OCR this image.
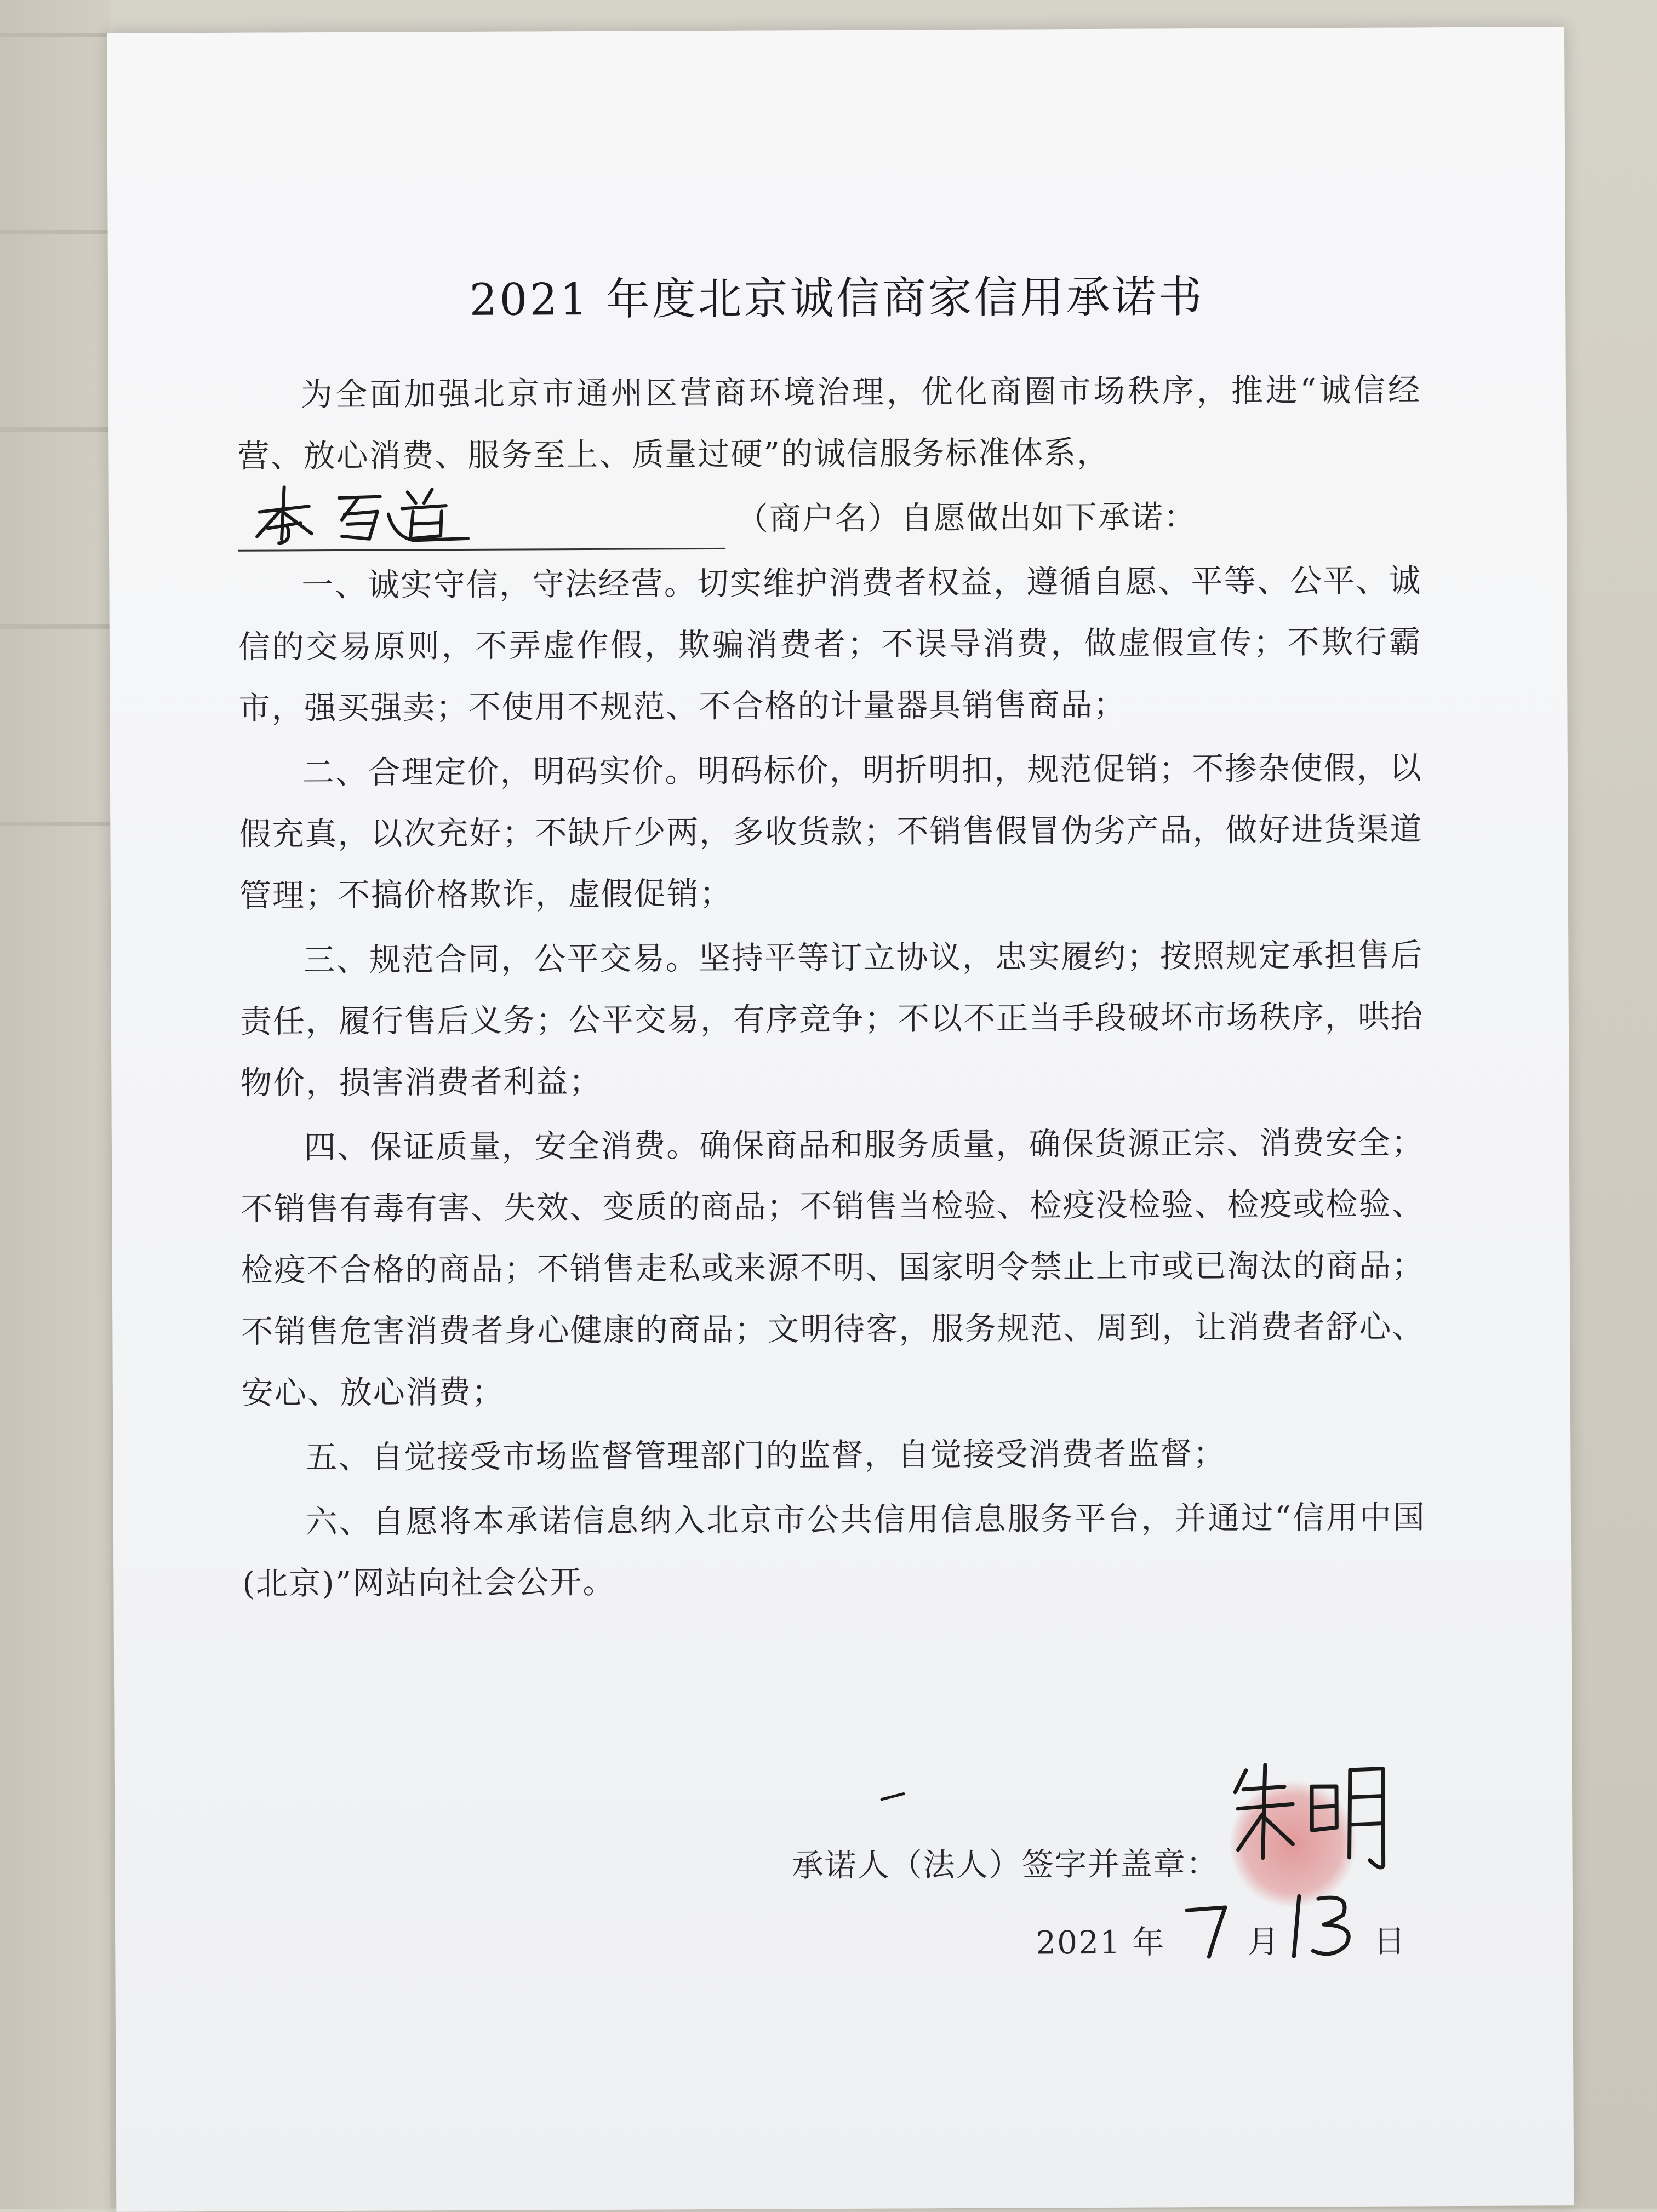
2021 年度北京诚信商家信用承诺书

为全面加强北京市通州区营商环境治理，优化商圈市场秩序，推进“诚信经营、放心消费、服务至上、质量过硬”的诚信服务标准体系，

（商户名）自愿做出如下承诺：

一、诚实守信，守法经营。切实维护消费者权益，遵循自愿、平等、公平、诚信的交易原则，不弄虚作假，欺骗消费者；不误导消费，做虚假宣传；不欺行霸市，强买强卖；不使用不规范、不合格的计量器具销售商品；

二、合理定价，明码实价。明码标价，明折明扣，规范促销；不掺杂使假，以假充真，以次充好；不缺斤少两，多收货款；不销售假冒伪劣产品，做好进货渠道管理；不搞价格欺诈，虚假促销；

三、规范合同，公平交易。坚持平等订立协议，忠实履约；按照规定承担售后责任，履行售后义务；公平交易，有序竞争；不以不正当手段破坏市场秩序，哄抬物价，损害消费者利益；

四、保证质量，安全消费。确保商品和服务质量，确保货源正宗、消费安全；不销售有毒有害、失效、变质的商品；不销售当检验、检疫没检验、检疫或检验、检疫不合格的商品；不销售走私或来源不明、国家明令禁止上市或已淘汰的商品；不销售危害消费者身心健康的商品；文明待客，服务规范、周到，让消费者舒心、安心、放心消费；

五、自觉接受市场监督管理部门的监督，自觉接受消费者监督；

六、自愿将本承诺信息纳入北京市公共信用信息服务平台，并通过“信用中国(北京)”网站向社会公开。

承诺人（法人）签字并盖章：
2021 年	月	日
